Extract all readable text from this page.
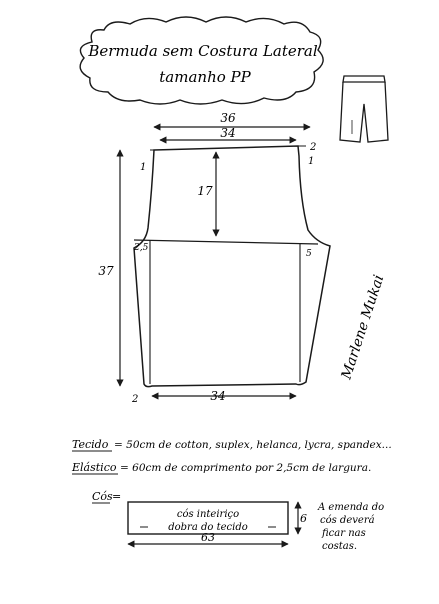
Bermuda sem Costura Lateral
tamanho PP
36
34
17
37
34
2
1
1
2,5
5
2
Marlene Mukai
Tecido = 50cm de cotton, suplex, helanca, lycra, spandex...
Elástico = 60cm de comprimento por 2,5cm de largura.
Cós =
cós inteiriço
dobra do tecido
6
63
A emenda do
cós deverá
ficar nas
costas.
